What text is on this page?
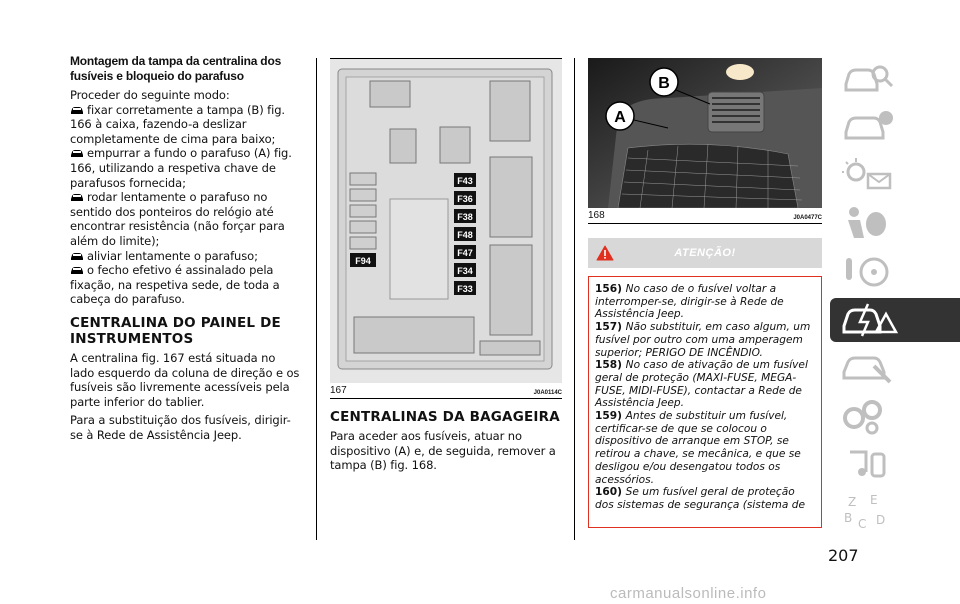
Montagem da tampa da centralina dos fusíveis e bloqueio do parafuso

Proceder do seguinte modo:

fixar corretamente a tampa (B) fig. 166 à caixa, fazendo-a deslizar completamente de cima para baixo;
empurrar a fundo o parafuso (A) fig. 166, utilizando a respetiva chave de parafusos fornecida;
rodar lentamente o parafuso no sentido dos ponteiros do relógio até encontrar resistência (não forçar para além do limite);
aliviar lentamente o parafuso;
o fecho efetivo é assinalado pela fixação, na respetiva sede, de toda a cabeça do parafuso.

CENTRALINA DO PAINEL DE INSTRUMENTOS

A centralina fig. 167 está situada no lado esquerdo da coluna de direção e os fusíveis são livremente acessíveis pela parte inferior do tablier.

Para a substituição dos fusíveis, dirigir-se à Rede de Assistência Jeep.

F43
F36
F38
F48
F47
F34
F33
F94
167	J0A0114C

CENTRALINAS DA BAGAGEIRA

Para aceder aos fusíveis, atuar no dispositivo (A) e, de seguida, remover a tampa (B) fig. 168.

B
A
168	J0A0477C
ATENÇÃO!

156) No caso de o fusível voltar a interromper-se, dirigir-se à Rede de Assistência Jeep.

157) Não substituir, em caso algum, um fusível por outro com uma amperagem superior; PERIGO DE INCÊNDIO.

158) No caso de ativação de um fusível geral de proteção (MAXI-FUSE, MEGA-FUSE, MIDI-FUSE), contactar a Rede de Assistência Jeep.

159) Antes de substituir um fusível, certificar-se de que se colocou o dispositivo de arranque em STOP, se retirou a chave, se mecânica, e que se desligou e/ou desengatou todos os acessórios.

160) Se um fusível geral de proteção dos sistemas de segurança (sistema de	Z E
B C D
207
carmanualsonline.info
